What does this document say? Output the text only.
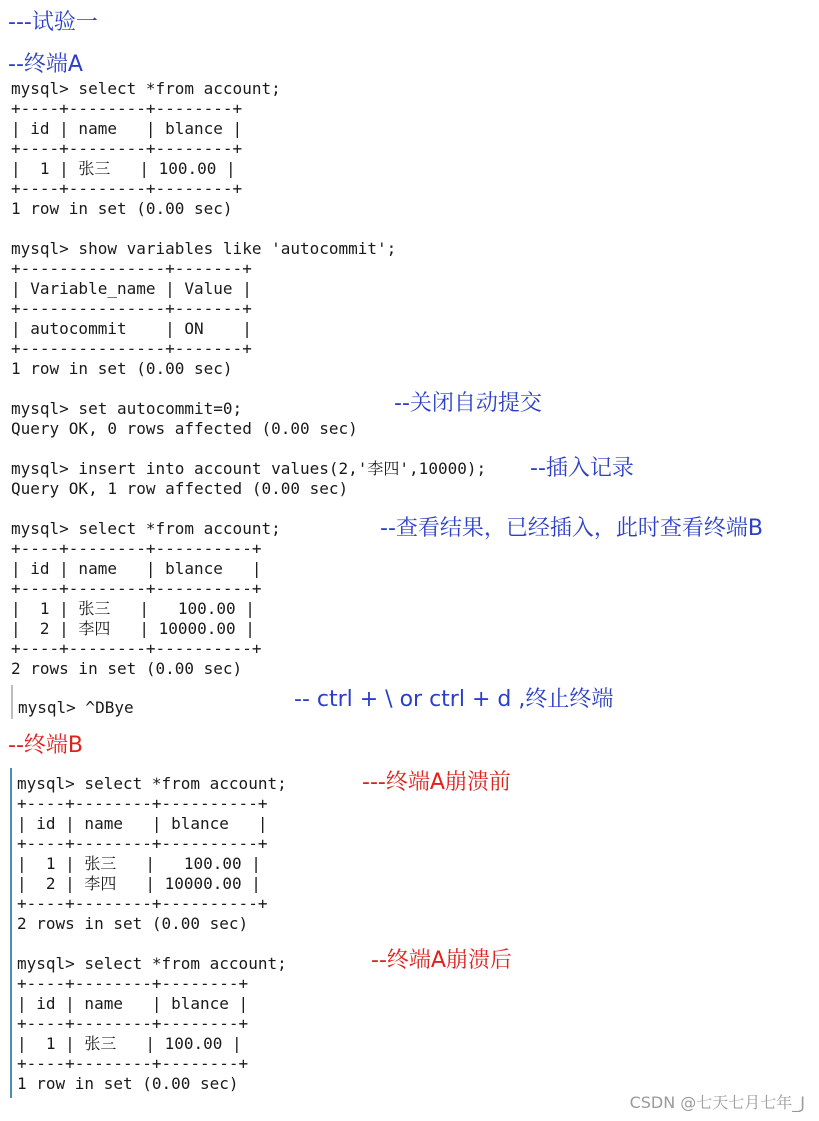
---试验一
--终端A
mysql> select *from account;
+----+--------+--------+
| id | name   | blance |
+----+--------+--------+
|  1 | 张三   | 100.00 |
+----+--------+--------+
1 row in set (0.00 sec)

mysql> show variables like 'autocommit';
+---------------+-------+
| Variable_name | Value |
+---------------+-------+
| autocommit    | ON    |
+---------------+-------+
1 row in set (0.00 sec)

mysql> set autocommit=0;
Query OK, 0 rows affected (0.00 sec)

mysql> insert into account values(2,'李四',10000);
Query OK, 1 row affected (0.00 sec)

mysql> select *from account;
+----+--------+----------+
| id | name   | blance   |
+----+--------+----------+
|  1 | 张三   |   100.00 |
|  2 | 李四   | 10000.00 |
+----+--------+----------+
2 rows in set (0.00 sec)
mysql> ^DBye
--终端B
mysql> select *from account;
+----+--------+----------+
| id | name   | blance   |
+----+--------+----------+
|  1 | 张三   |   100.00 |
|  2 | 李四   | 10000.00 |
+----+--------+----------+
2 rows in set (0.00 sec)

mysql> select *from account;
+----+--------+--------+
| id | name   | blance |
+----+--------+--------+
|  1 | 张三   | 100.00 |
+----+--------+--------+
1 row in set (0.00 sec)
--关闭自动提交
--插入记录
--查看结果，已经插入，此时查看终端B
-- ctrl + \ or ctrl + d ,终止终端
---终端A崩溃前
--终端A崩溃后
CSDN @七天七月七年_J
